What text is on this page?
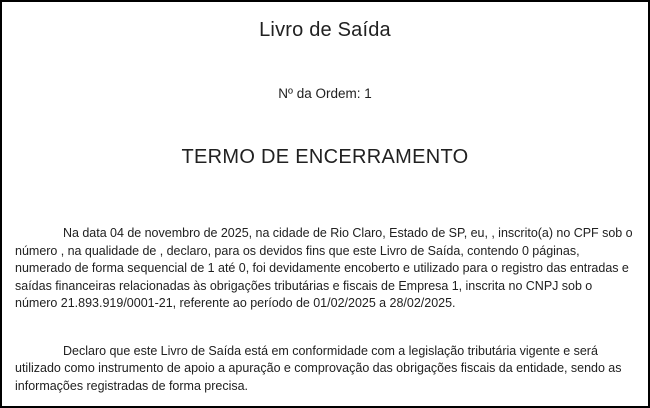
Livro de Saída
Nº da Ordem: 1
TERMO DE ENCERRAMENTO

Na data 04 de novembro de 2025, na cidade de Rio Claro, Estado de SP, eu, , inscrito(a) no CPF sob o número , na qualidade de , declaro, para os devidos fins que este Livro de Saída, contendo 0 páginas, numerado de forma sequencial de 1 até 0, foi devidamente encoberto e utilizado para o registro das entradas e saídas financeiras relacionadas às obrigações tributárias e fiscais de Empresa 1, inscrita no CNPJ sob o número 21.893.919/0001-21, referente ao período de 01/02/2025 a 28/02/2025.

Declaro que este Livro de Saída está em conformidade com a legislação tributária vigente e será utilizado como instrumento de apoio a apuração e comprovação das obrigações fiscais da entidade, sendo as informações registradas de forma precisa.
